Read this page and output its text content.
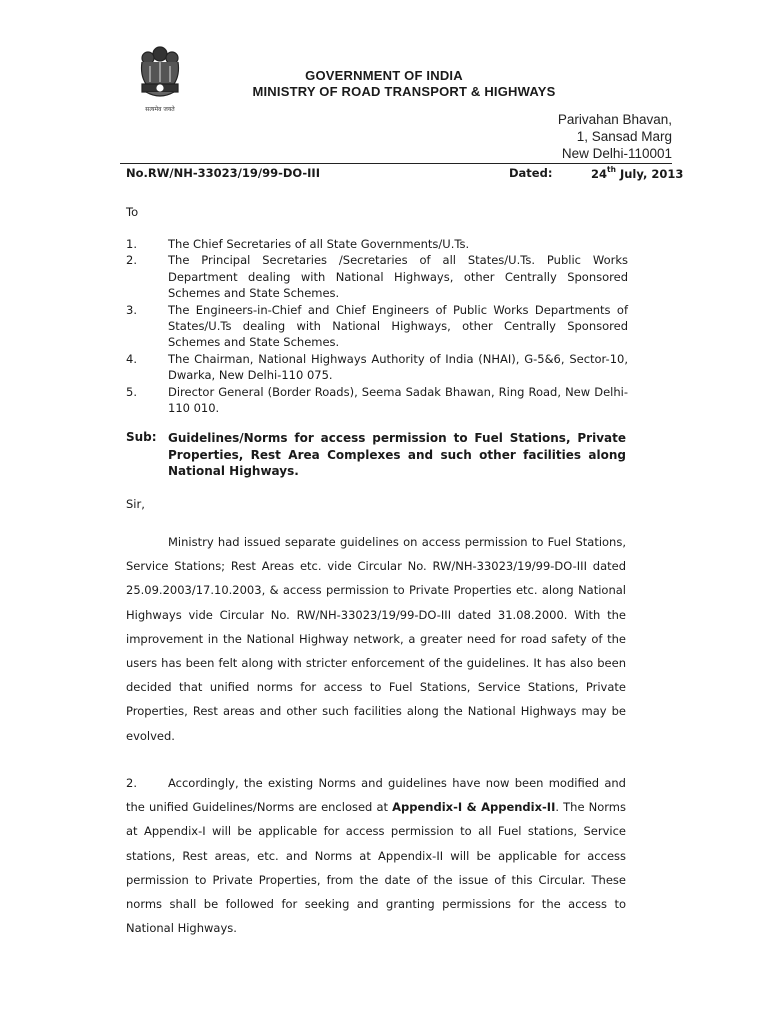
सत्यमेव जयते
GOVERNMENT OF INDIA
MINISTRY OF ROAD TRANSPORT & HIGHWAYS
Parivahan Bhavan,
1, Sansad Marg
New Delhi-110001
No.RW/NH-33023/19/99-DO-III	Dated:	24th July, 2013
To
1.	The Chief Secretaries of all State Governments/U.Ts.
2.	The Principal Secretaries /Secretaries of all States/U.Ts. Public Works Department dealing with National Highways, other Centrally Sponsored Schemes and State Schemes.
3.	The Engineers-in-Chief and Chief Engineers of Public Works Departments of States/U.Ts dealing with National Highways, other Centrally Sponsored Schemes and State Schemes.
4.	The Chairman, National Highways Authority of India (NHAI), G-5&6, Sector-10, Dwarka, New Delhi-110 075.
5.	Director General (Border Roads), Seema Sadak Bhawan, Ring Road, New Delhi-110 010.
Sub: Guidelines/Norms for access permission to Fuel Stations, Private Properties, Rest Area Complexes and such other facilities along National Highways.
Sir,
Ministry had issued separate guidelines on access permission to Fuel Stations, Service Stations; Rest Areas etc. vide Circular No. RW/NH-33023/19/99-DO-III dated 25.09.2003/17.10.2003, & access permission to Private Properties etc. along National Highways vide Circular No. RW/NH-33023/19/99-DO-III dated 31.08.2000. With the improvement in the National Highway network, a greater need for road safety of the users has been felt along with stricter enforcement of the guidelines. It has also been decided that unified norms for access to Fuel Stations, Service Stations, Private Properties, Rest areas and other such facilities along the National Highways may be evolved.
2.	Accordingly, the existing Norms and guidelines have now been modified and the unified Guidelines/Norms are enclosed at Appendix-I & Appendix-II. The Norms at Appendix-I will be applicable for access permission to all Fuel stations, Service stations, Rest areas, etc. and Norms at Appendix-II will be applicable for access permission to Private Properties, from the date of the issue of this Circular. These norms shall be followed for seeking and granting permissions for the access to National Highways.
